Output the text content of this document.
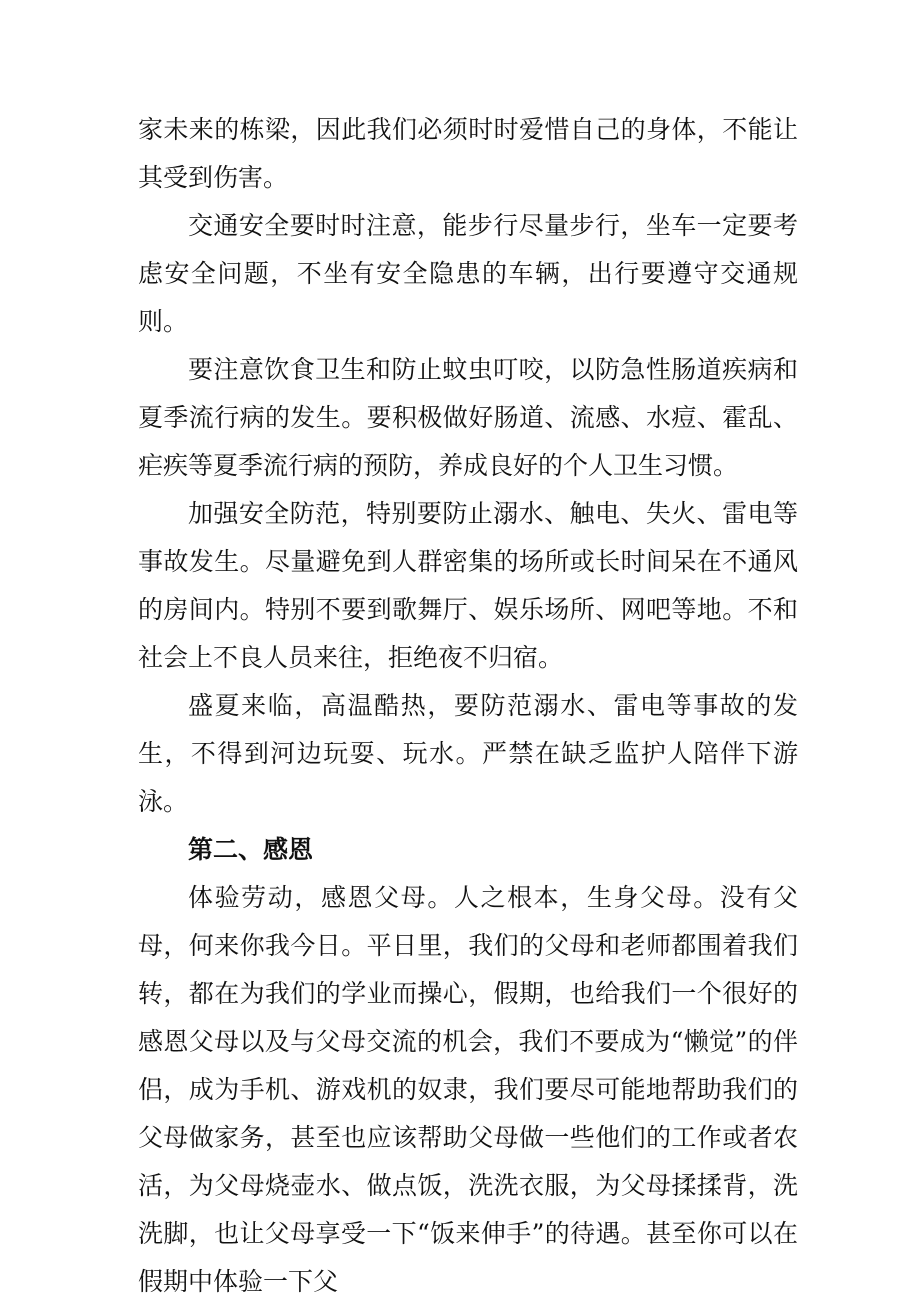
家未来的栋梁，因此我们必须时时爱惜自己的身体，不能让其受到伤害。

交通安全要时时注意，能步行尽量步行，坐车一定要考虑安全问题，不坐有安全隐患的车辆，出行要遵守交通规则。

要注意饮食卫生和防止蚊虫叮咬，以防急性肠道疾病和夏季流行病的发生。要积极做好肠道、流感、水痘、霍乱、疟疾等夏季流行病的预防，养成良好的个人卫生习惯。

加强安全防范，特别要防止溺水、触电、失火、雷电等事故发生。尽量避免到人群密集的场所或长时间呆在不通风的房间内。特别不要到歌舞厅、娱乐场所、网吧等地。不和社会上不良人员来往，拒绝夜不归宿。

盛夏来临，高温酷热，要防范溺水、雷电等事故的发生，不得到河边玩耍、玩水。严禁在缺乏监护人陪伴下游泳。

第二、感恩

体验劳动，感恩父母。人之根本，生身父母。没有父母，何来你我今日。平日里，我们的父母和老师都围着我们转，都在为我们的学业而操心，假期，也给我们一个很好的感恩父母以及与父母交流的机会，我们不要成为“懒觉”的伴侣，成为手机、游戏机的奴隶，我们要尽可能地帮助我们的父母做家务，甚至也应该帮助父母做一些他们的工作或者农活，为父母烧壶水、做点饭，洗洗衣服，为父母揉揉背，洗洗脚，也让父母享受一下“饭来伸手”的待遇。甚至你可以在假期中体验一下父
